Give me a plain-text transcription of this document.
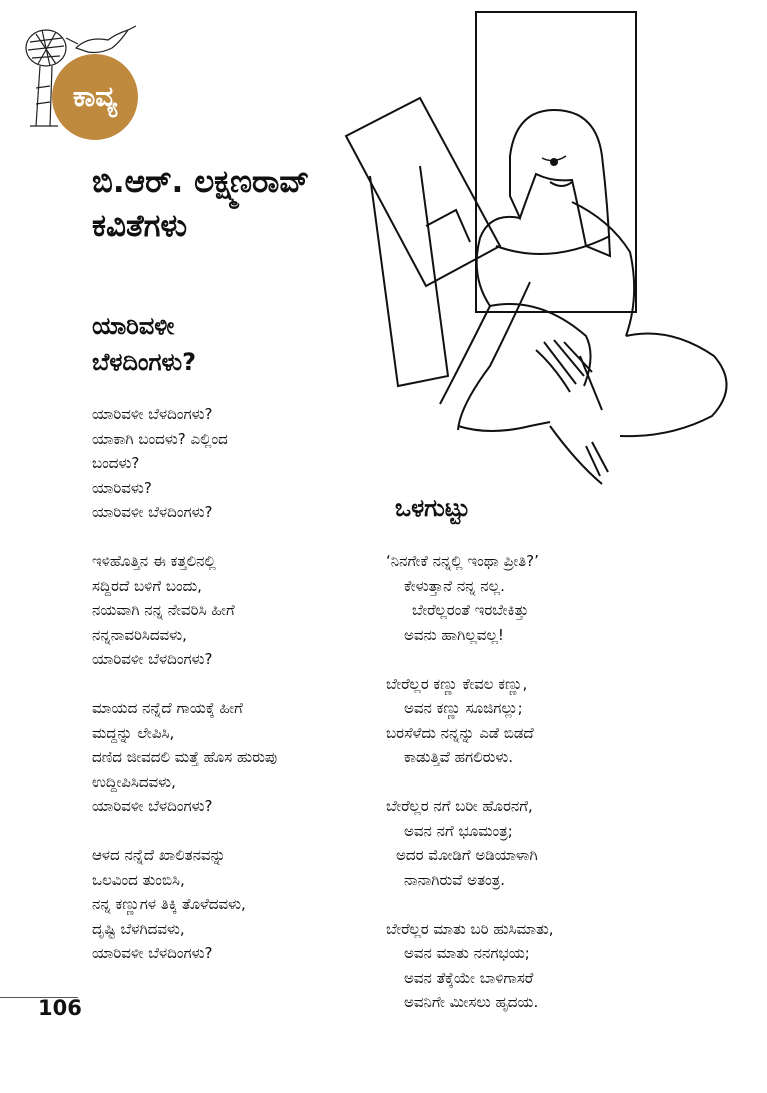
ಕಾವ್ಯ
ಬಿ.ಆರ್. ಲಕ್ಷ್ಮಣರಾವ್
ಕವಿತೆಗಳು
ಯಾರಿವಳೀ
ಬೆಳದಿಂಗಳು?
ಯಾರಿವಳೀ ಬೆಳದಿಂಗಳು?
ಯಾಕಾಗಿ ಬಂದಳು? ಎಲ್ಲಿಂದ
ಬಂದಳು?
ಯಾರಿವಳು?
ಯಾರಿವಳೀ ಬೆಳದಿಂಗಳು?
ಇಳಿಹೊತ್ತಿನ ಈ ಕತ್ತಲಿನಲ್ಲಿ
ಸದ್ದಿರದೆ ಬಳಿಗೆ ಬಂದು,
ನಯವಾಗಿ ನನ್ನ ನೇವರಿಸಿ ಹೀಗೆ
ನನ್ನನಾವರಿಸಿದವಳು,
ಯಾರಿವಳೀ ಬೆಳದಿಂಗಳು?
ಮಾಯದ ನನ್ನೆದೆ ಗಾಯಕ್ಕೆ ಹೀಗೆ
ಮದ್ದನ್ನು ಲೇಪಿಸಿ,
ದಣಿದ ಜೀವದಲಿ ಮತ್ತೆ ಹೊಸ ಹುರುಪು
ಉದ್ದೀಪಿಸಿದವಳು,
ಯಾರಿವಳೀ ಬೆಳದಿಂಗಳು?
ಆಳದ ನನ್ನೆದೆ ಖಾಲಿತನವನ್ನು
ಒಲವಿಂದ ತುಂಬಿಸಿ,
ನನ್ನ ಕಣ್ಣುಗಳ ತಿಕ್ಕಿ ತೊಳೆದವಳು,
ದೃಷ್ಟಿ ಬೆಳಗಿದವಳು,
ಯಾರಿವಳೀ ಬೆಳದಿಂಗಳು?
ಒಳಗುಟ್ಟು
‘ನಿನಗೇಕೆ ನನ್ನಲ್ಲಿ ಇಂಥಾ ಪ್ರೀತಿ?’
ಕೇಳುತ್ತಾನೆ ನನ್ನ ನಲ್ಲ.
ಬೇರೆಲ್ಲರಂತೆ ಇರಬೇಕಿತ್ತು
ಅವನು ಹಾಗಿಲ್ಲವಲ್ಲ!
ಬೇರೆಲ್ಲರ ಕಣ್ಣು ಕೇವಲ ಕಣ್ಣು,
ಅವನ ಕಣ್ಣು ಸೂಜಿಗಲ್ಲು;
ಬರಸೆಳೆದು ನನ್ನನ್ನು ಎಡೆ ಬಿಡದೆ
ಕಾಡುತ್ತಿವೆ ಹಗಲಿರುಳು.
ಬೇರೆಲ್ಲರ ನಗೆ ಬರೀ ಹೊರನಗೆ,
ಅವನ ನಗೆ ಭೂಮಂತ್ರ;
ಅದರ ಮೋಡಿಗೆ ಅಡಿಯಾಳಾಗಿ
ನಾನಾಗಿರುವೆ ಅತಂತ್ರ.
ಬೇರೆಲ್ಲರ ಮಾತು ಬರಿ ಹುಸಿಮಾತು,
ಅವನ ಮಾತು ನನಗಭಯ;
ಅವನ ತೆಕ್ಕೆಯೇ ಬಾಳಿಗಾಸರೆ
ಅವನಿಗೇ ಮೀಸಲು ಹೃದಯ.

106
